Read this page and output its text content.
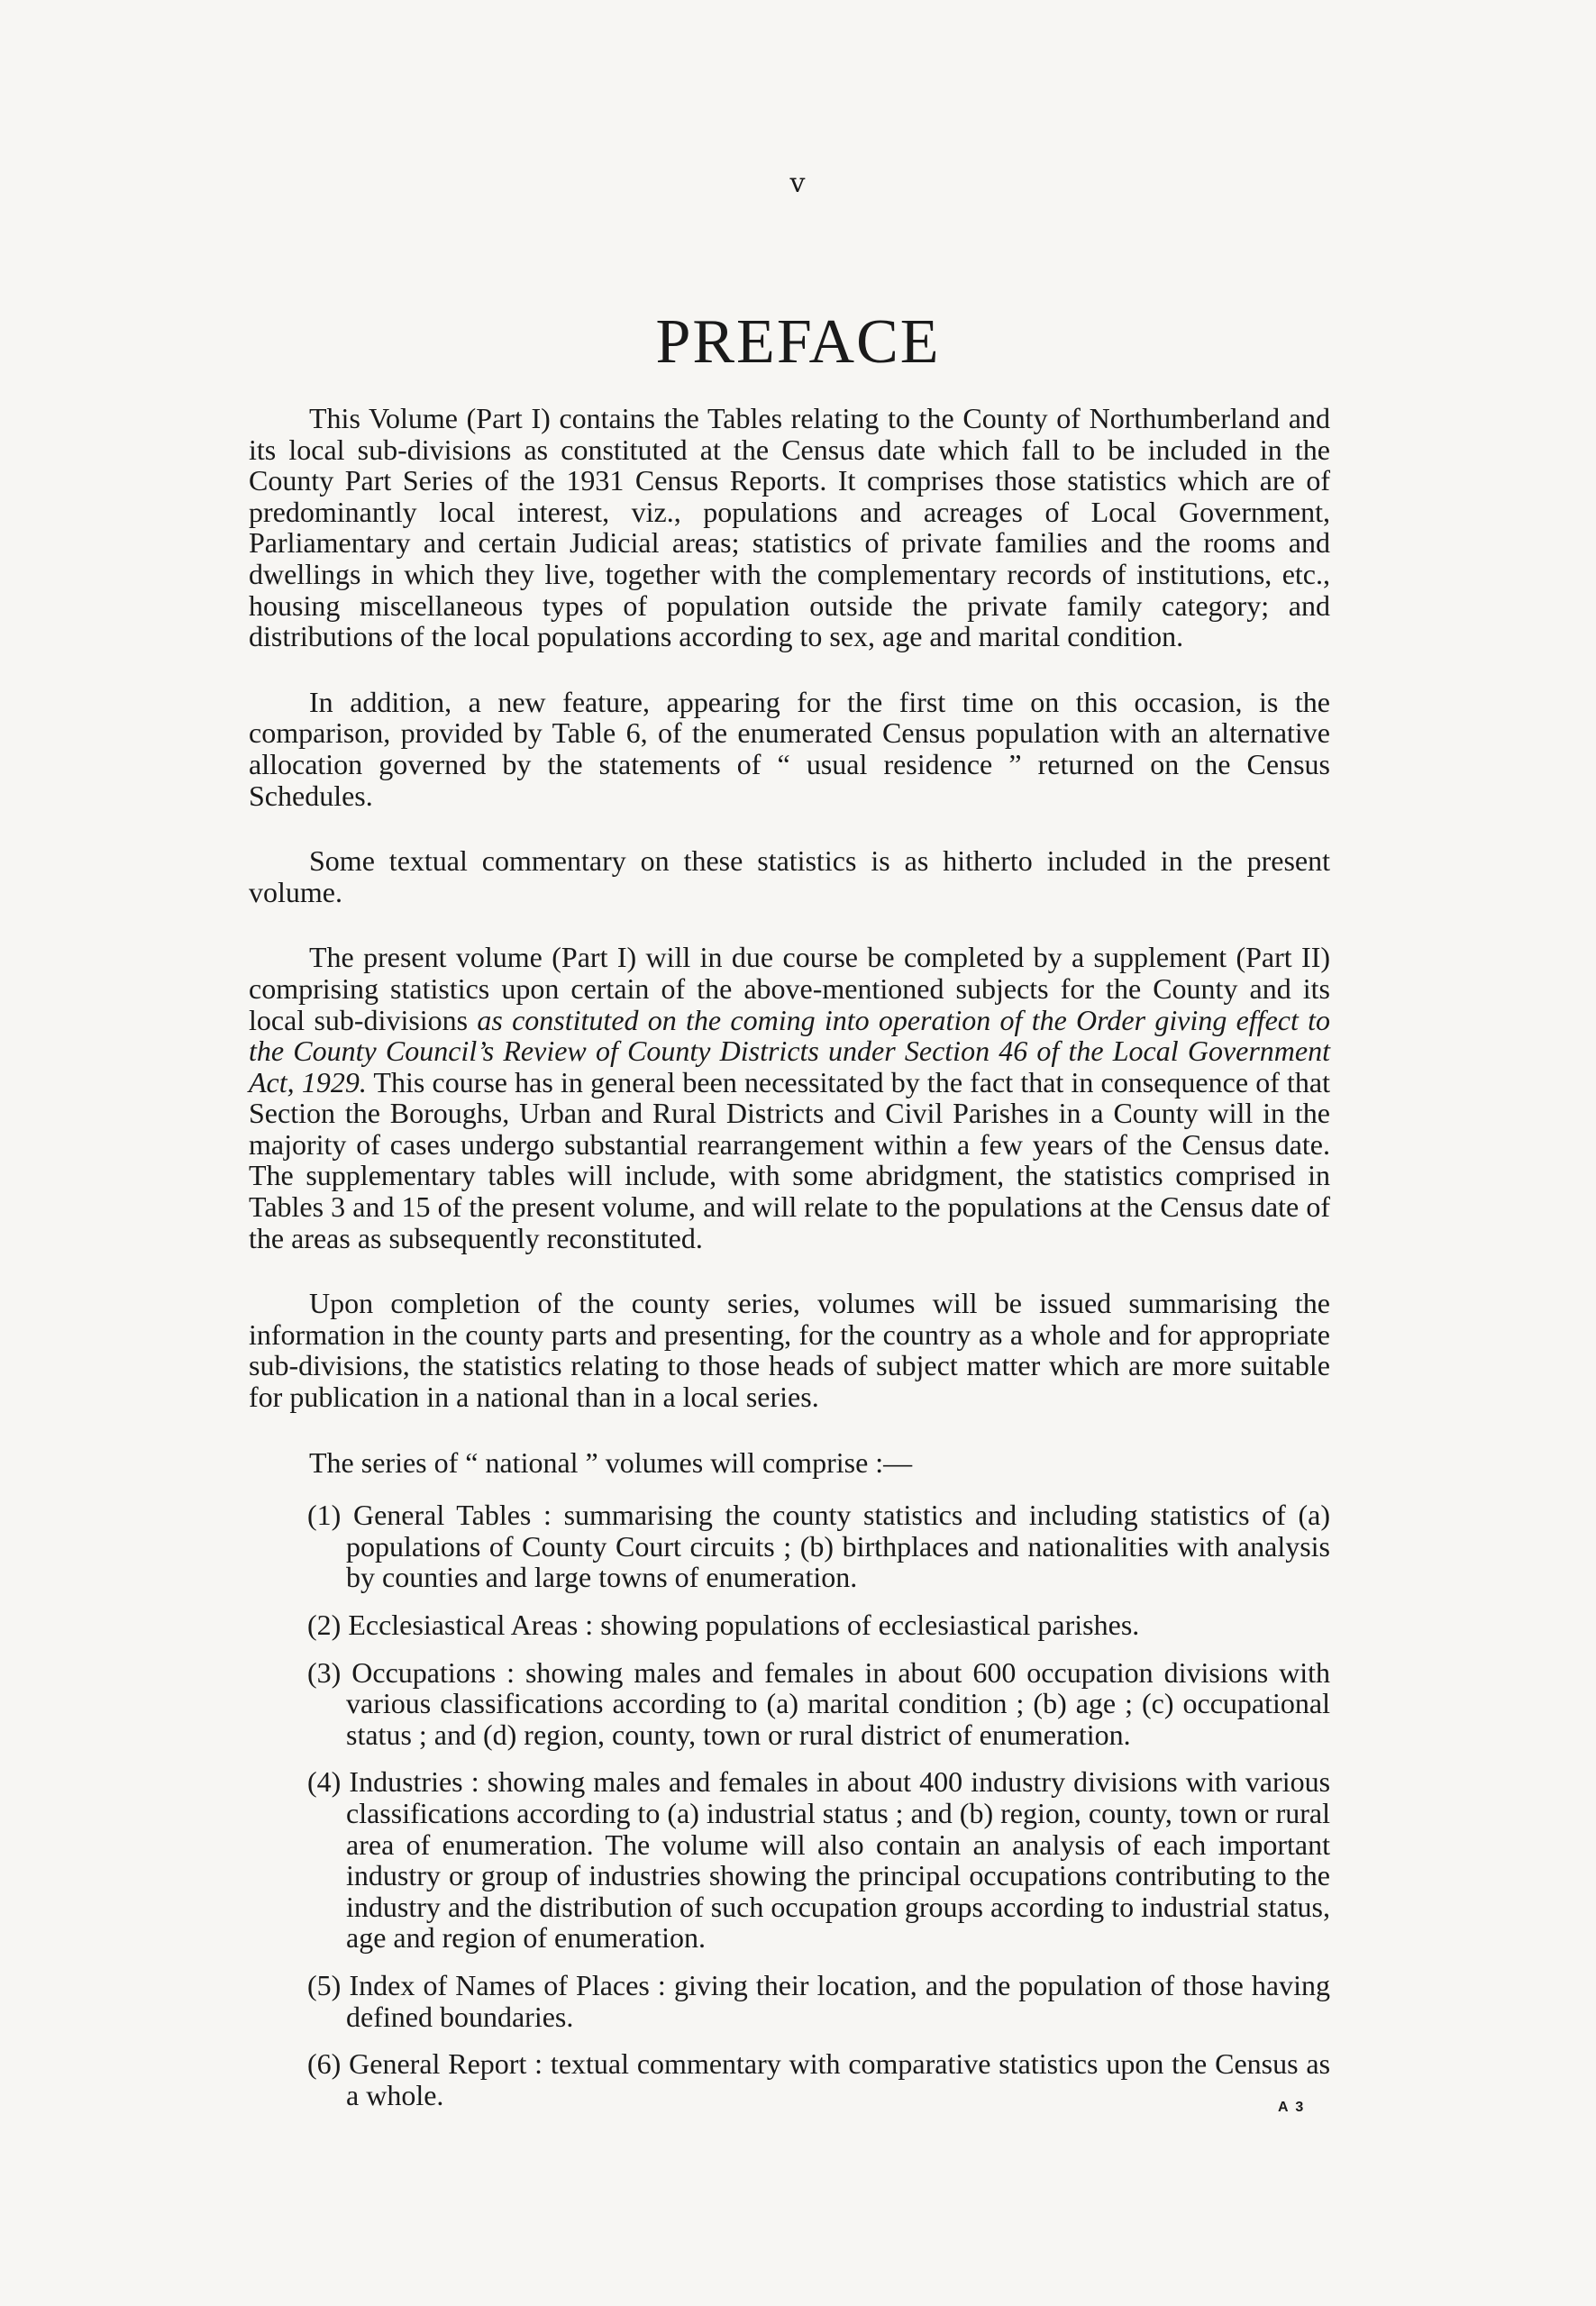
v
PREFACE

This Volume (Part I) contains the Tables relating to the County of Northumberland and its local sub-divisions as constituted at the Census date which fall to be included in the County Part Series of the 1931 Census Reports. It comprises those statistics which are of predominantly local interest, viz., populations and acreages of Local Government, Parliamentary and certain Judicial areas; statistics of private families and the rooms and dwellings in which they live, together with the complementary records of institutions, etc., housing miscellaneous types of population outside the private family category; and distributions of the local populations according to sex, age and marital condition.

In addition, a new feature, appearing for the first time on this occasion, is the comparison, provided by Table 6, of the enumerated Census population with an alternative allocation governed by the statements of “ usual residence ” returned on the Census Schedules.

Some textual commentary on these statistics is as hitherto included in the present volume.

The present volume (Part I) will in due course be completed by a supplement (Part II) comprising statistics upon certain of the above-mentioned subjects for the County and its local sub-divisions as constituted on the coming into operation of the Order giving effect to the County Council’s Review of County Districts under Section 46 of the Local Government Act, 1929. This course has in general been necessitated by the fact that in consequence of that Section the Boroughs, Urban and Rural Districts and Civil Parishes in a County will in the majority of cases undergo substantial rearrangement within a few years of the Census date. The supplementary tables will include, with some abridgment, the statistics comprised in Tables 3 and 15 of the present volume, and will relate to the populations at the Census date of the areas as subsequently reconstituted.

Upon completion of the county series, volumes will be issued summarising the information in the county parts and presenting, for the country as a whole and for appropriate sub-divisions, the statistics relating to those heads of subject matter which are more suitable for publication in a national than in a local series.

The series of “ national ” volumes will comprise :—

(1) General Tables : summarising the county statistics and including statistics of (a) populations of County Court circuits ; (b) birthplaces and nationalities with analysis by counties and large towns of enumeration.
(2) Ecclesiastical Areas : showing populations of ecclesiastical parishes.
(3) Occupations : showing males and females in about 600 occupation divisions with various classifications according to (a) marital condition ; (b) age ; (c) occupational status ; and (d) region, county, town or rural district of enumeration.
(4) Industries : showing males and females in about 400 industry divisions with various classifications according to (a) industrial status ; and (b) region, county, town or rural area of enumeration. The volume will also contain an analysis of each important industry or group of industries showing the principal occupations contributing to the industry and the distribution of such occupation groups according to industrial status, age and region of enumeration.
(5) Index of Names of Places : giving their location, and the population of those having defined boundaries.
(6) General Report : textual commentary with comparative statistics upon the Census as a whole.	A 3
